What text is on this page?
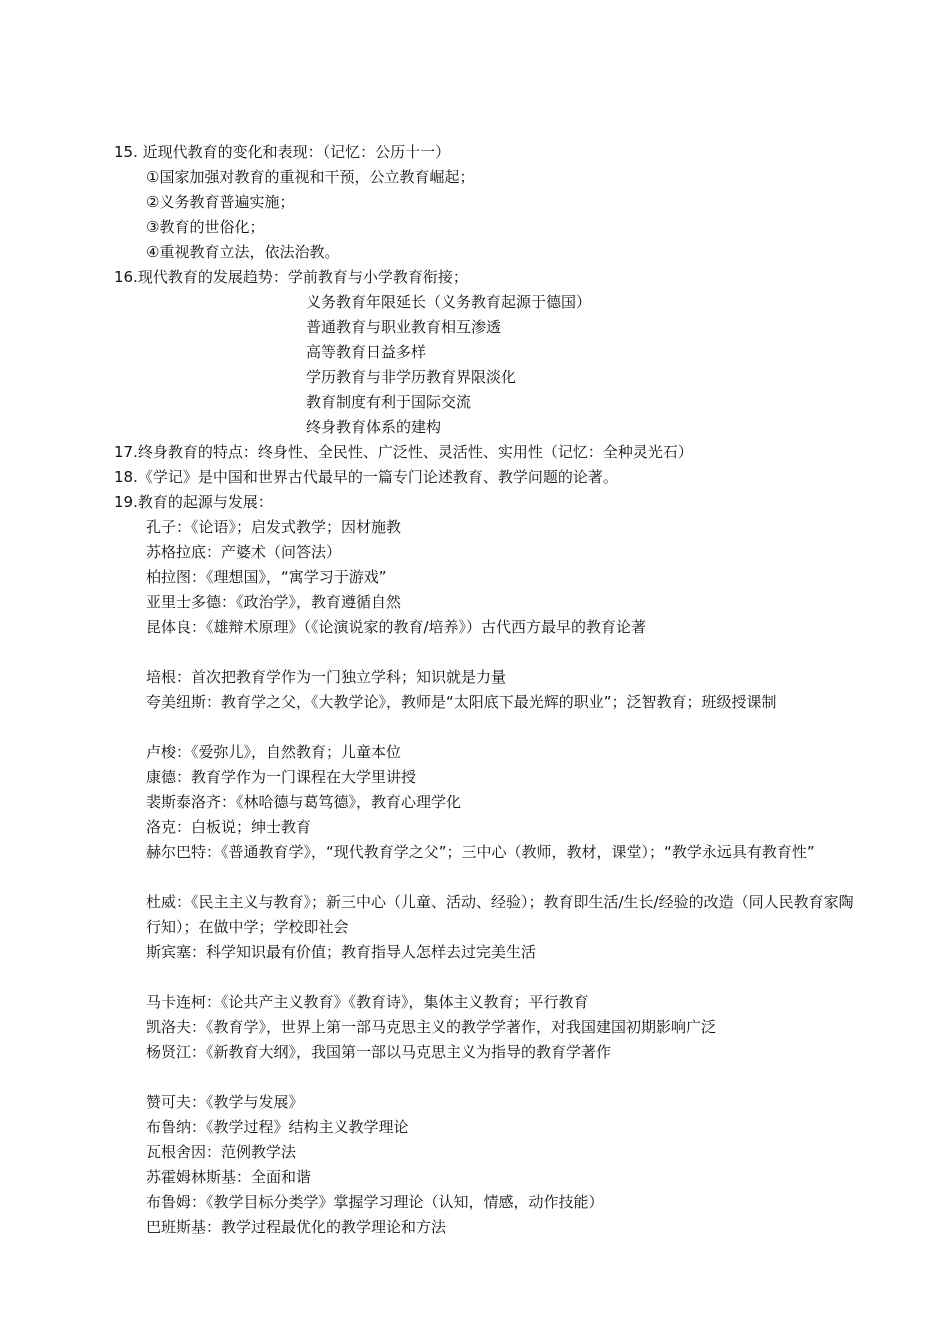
15. 近现代教育的变化和表现：（记忆：公历十一）
①国家加强对教育的重视和干预，公立教育崛起；
②义务教育普遍实施；
③教育的世俗化；
④重视教育立法，依法治教。
16.现代教育的发展趋势：学前教育与小学教育衔接；
义务教育年限延长（义务教育起源于德国）
普通教育与职业教育相互渗透
高等教育日益多样
学历教育与非学历教育界限淡化
教育制度有利于国际交流
终身教育体系的建构
17.终身教育的特点：终身性、全民性、广泛性、灵活性、实用性（记忆：全种灵光石）
18.《学记》是中国和世界古代最早的一篇专门论述教育、教学问题的论著。
19.教育的起源与发展：
孔子：《论语》；启发式教学；因材施教
苏格拉底：产婆术（问答法）
柏拉图：《理想国》，“寓学习于游戏”
亚里士多德：《政治学》，教育遵循自然
昆体良：《雄辩术原理》（《论演说家的教育/培养》）古代西方最早的教育论著
培根：首次把教育学作为一门独立学科；知识就是力量
夸美纽斯：教育学之父，《大教学论》，教师是“太阳底下最光辉的职业”；泛智教育；班级授课制
卢梭：《爱弥儿》，自然教育；儿童本位
康德：教育学作为一门课程在大学里讲授
裴斯泰洛齐：《林哈德与葛笃德》，教育心理学化
洛克：白板说；绅士教育
赫尔巴特：《普通教育学》，“现代教育学之父”；三中心（教师，教材，课堂）；“教学永远具有教育性”
杜威：《民主主义与教育》；新三中心（儿童、活动、经验）；教育即生活/生长/经验的改造（同人民教育家陶行知）；在做中学；学校即社会
斯宾塞：科学知识最有价值；教育指导人怎样去过完美生活
马卡连柯：《论共产主义教育》《教育诗》，集体主义教育；平行教育
凯洛夫：《教育学》，世界上第一部马克思主义的教学学著作，对我国建国初期影响广泛
杨贤江：《新教育大纲》，我国第一部以马克思主义为指导的教育学著作
赞可夫：《教学与发展》
布鲁纳：《教学过程》结构主义教学理论
瓦根舍因：范例教学法
苏霍姆林斯基：全面和谐
布鲁姆：《教学目标分类学》掌握学习理论（认知，情感，动作技能）
巴班斯基：教学过程最优化的教学理论和方法
